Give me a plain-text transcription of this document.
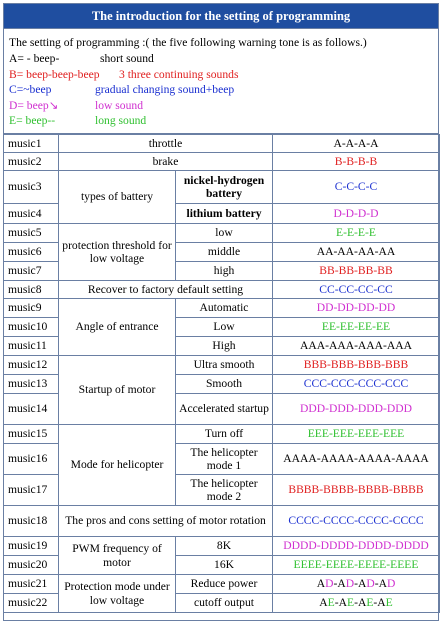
The introduction for the setting of programming
The setting of programming :( the five following warning tone is as follows.)
A= - beep-	short sound
B= beep-beep-beep 3 three continuing sounds
C=~beep	gradual changing sound+beep
D= beep↘	low sound
E= beep--	long sound
music1	throttle		A-A-A-A
music2	brake		B-B-B-B
music3	types of battery	nickel-hydrogen battery	C-C-C-C
music4		lithium battery	D-D-D-D
music5	protection threshold for low voltage	low	E-E-E-E
music6		middle	AA-AA-AA-AA
music7		high	BB-BB-BB-BB
music8	Recover to factory default setting		CC-CC-CC-CC
music9	Angle of entrance	Automatic	DD-DD-DD-DD
music10		Low	EE-EE-EE-EE
music11		High	AAA-AAA-AAA-AAA
music12	Startup of motor	Ultra smooth	BBB-BBB-BBB-BBB
music13		Smooth	CCC-CCC-CCC-CCC
music14		Accelerated startup	DDD-DDD-DDD-DDD
music15	Mode for helicopter	Turn off	EEE-EEE-EEE-EEE
music16		The helicopter mode 1	AAAA-AAAA-AAAA-AAAA
music17		The helicopter mode 2	BBBB-BBBB-BBBB-BBBB
music18	The pros and cons setting of motor rotation		CCCC-CCCC-CCCC-CCCC
music19	PWM frequency of motor	8K	DDDD-DDDD-DDDD-DDDD
music20		16K	EEEE-EEEE-EEEE-EEEE
music21	Protection mode under low voltage	Reduce power	AD-AD-AD-AD
music22		cutoff output	AE-AE-AE-AE
